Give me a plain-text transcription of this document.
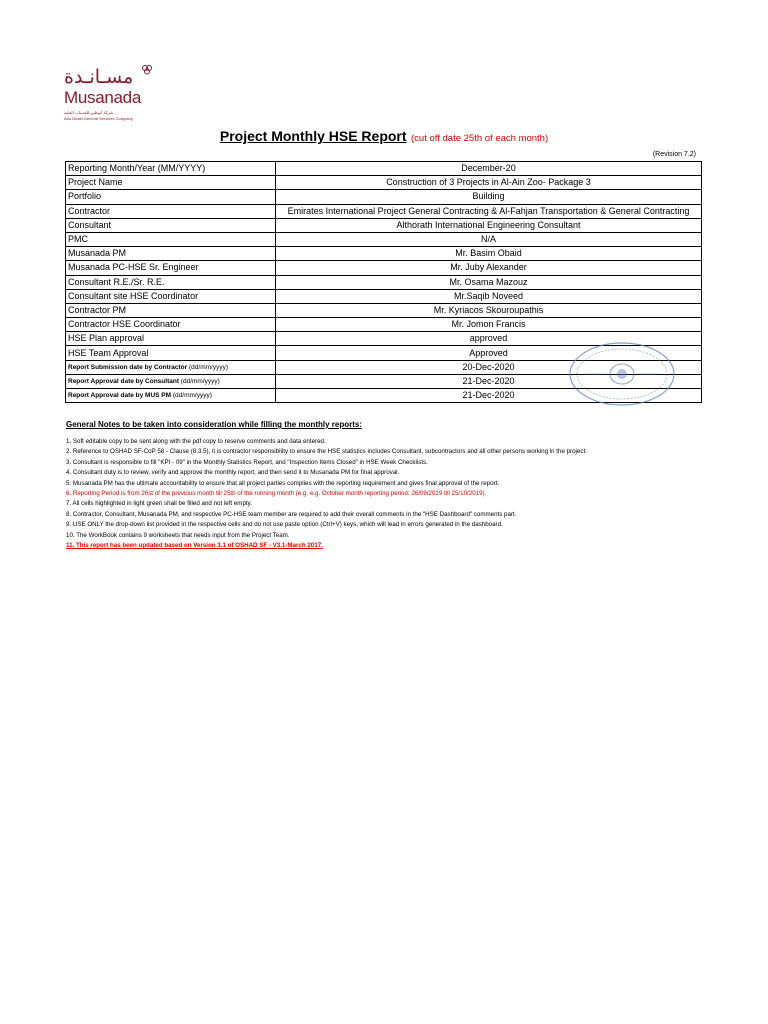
مسـانـدة
Musanada
شركة أبوظبي للخدمات العامة
Abu Dhabi General Services Company
Project Monthly HSE Report (cut off date 25th of each month)
(Revision 7.2)
Reporting Month/Year (MM/YYYY)	December-20
Project Name	Construction of 3 Projects in Al-Ain Zoo- Package 3
Portfolio	Building
Contractor	Emirates International Project General Contracting & Al-Fahjan Transportation & General Contracting
Consultant	Althorath International Engineering Consultant
PMC	N/A
Musanada PM	Mr. Basim Obaid
Musanada PC-HSE Sr. Engineer	Mr. Juby Alexander
Consultant R.E./Sr. R.E.	Mr. Osama Mazouz
Consultant site HSE Coordinator	Mr.Saqib Noveed
Contractor PM	Mr. Kyriacos Skouroupathis
Contractor HSE Coordinator	Mr. Jomon Francis
HSE Plan approval	approved
HSE Team Approval	Approved
Report Submission date by Contractor (dd/mm/yyyy)	20-Dec-2020
Report Approval date by Consultant (dd/mm/yyyy)	21-Dec-2020
Report Approval date by MUS PM (dd/mm/yyyy)	21-Dec-2020
General Notes to be taken into consideration while filling the monthly reports:
1. Soft editable copy to be sent along with the pdf copy to reserve comments and data entered.
2. Reference to OSHAD SF-CoP 58 - Clause (8.3.5), it is contractor responsibility to ensure the HSE statistics includes Consultant, subcontractors and all other persons working in the project.
3. Consultant is responsible to fill "KPI - 09" in the Monthly Statistics Report, and "Inspection Items Closed" in HSE Week Checklists.
4. Consultant duty is to review, verify and approve the monthly report, and then send it to Musanada PM for final approval.
5. Musanada PM has the ultimate accountability to ensure that all project parties complies with the reporting requirement and gives final approval of the report.
6. Reporting Period is from 26st of the previous month till 25th of the running month (e.g. e.g. October month reporting period: 26/09/2019 till 25/10/2019).
7. All cells highlighted in light green shall be filled and not left empty.
8. Contractor, Consultant, Musanada PM, and respective PC-HSE team member are required to add their overall comments in the "HSE Dashboard" comments part.
9. USE ONLY the drop-down list provided in the respective cells and do not use paste option (Ctrl+V) keys, which will lead in errors generated in the dashboard.
10. The WorkBook contains 9 worksheets that needs input from the Project Team.
11. This report has been updated based on Version 3.1 of OSHAD SF - V3.1-March 2017.
